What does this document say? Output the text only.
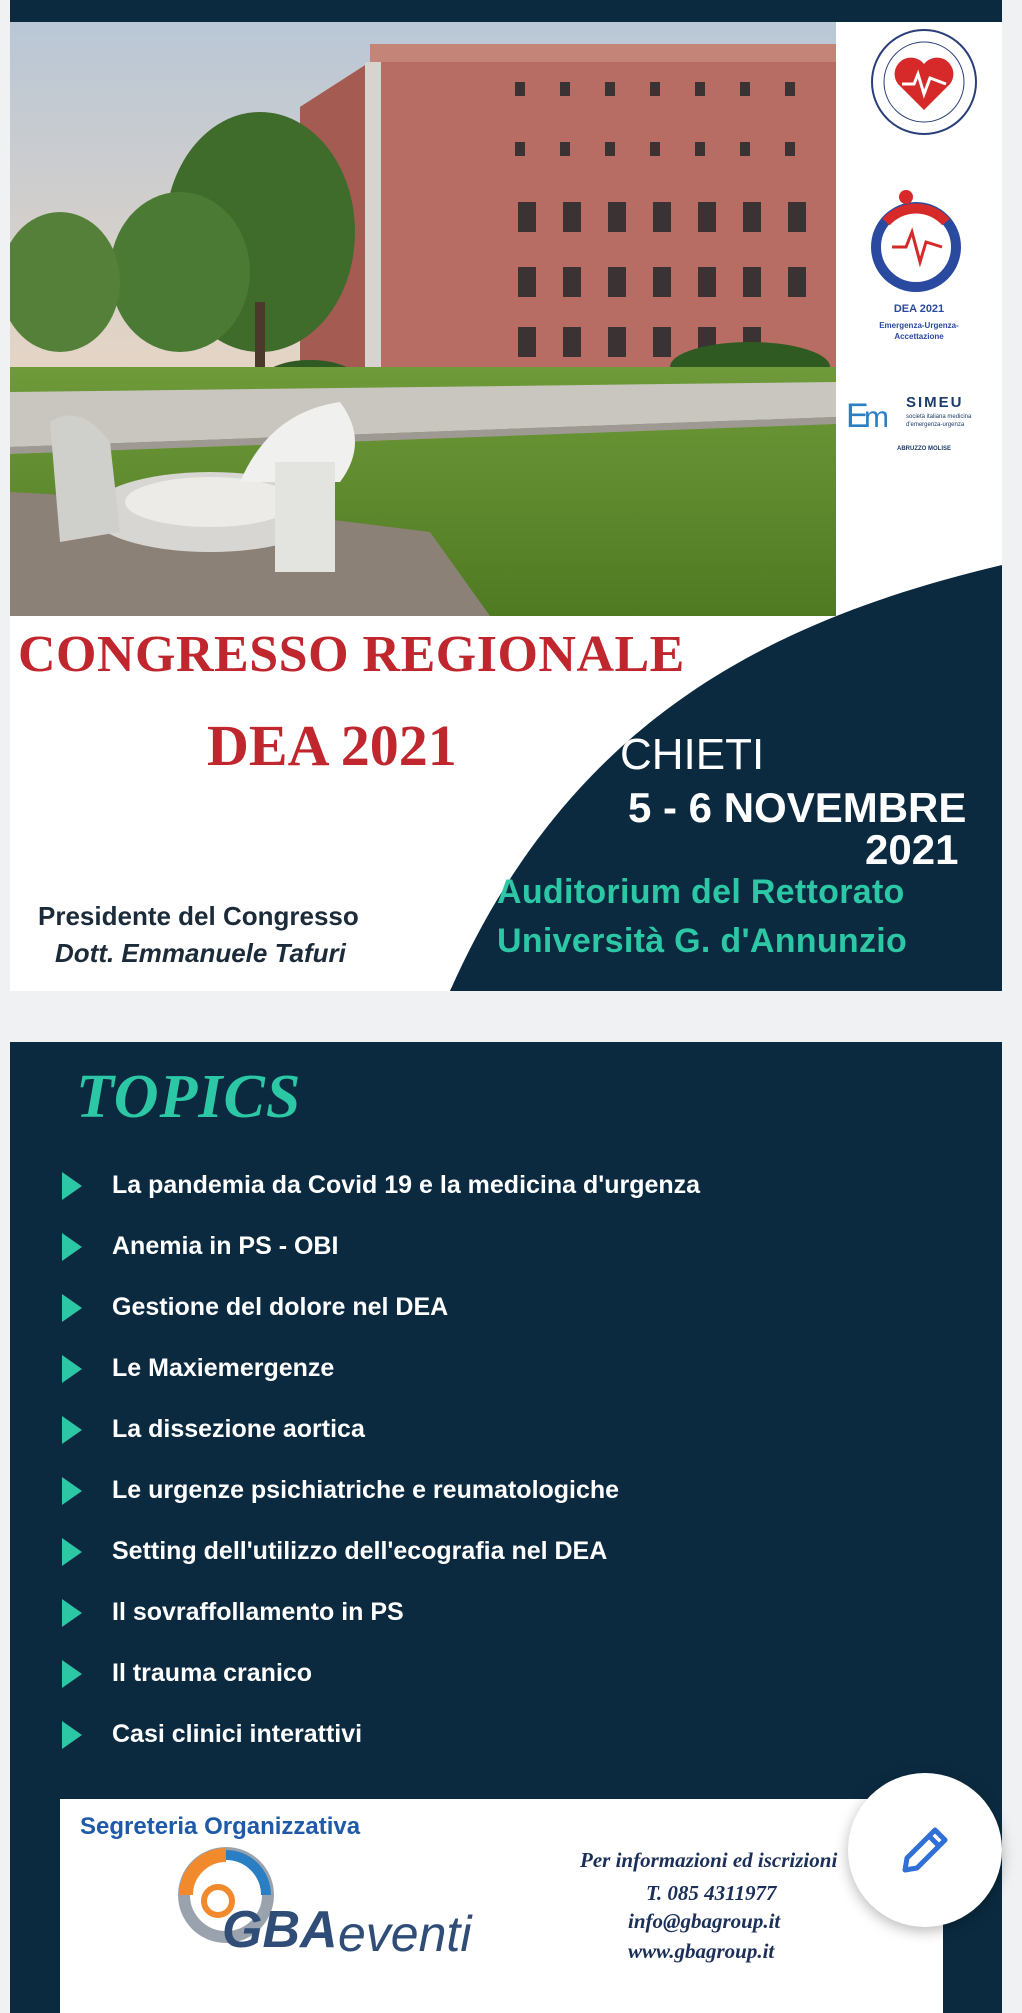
DEA 2021
Emergenza-Urgenza-
Accettazione
E
m SIMEU
società italiana medicina
d'emergenza-urgenza
ABRUZZO MOLISE
CONGRESSO REGIONALE
DEA 2021	CHIETI
5 - 6 NOVEMBRE
2021
Auditorium del Rettorato
Università G. d'Annunzio
Presidente del Congresso
Dott. Emmanuele Tafuri
TOPICS
La pandemia da Covid 19 e la medicina d'urgenza
Anemia in PS - OBI
Gestione del dolore nel DEA
Le Maxiemergenze
La dissezione aortica
Le urgenze psichiatriche e reumatologiche
Setting dell'utilizzo dell'ecografia nel DEA
Il sovraffollamento in PS
Il trauma cranico
Casi clinici interattivi
Segreteria Organizzativa
GBA eventi
Per informazioni ed iscrizioni
T. 085 4311977
info@gbagroup.it
www.gbagroup.it
